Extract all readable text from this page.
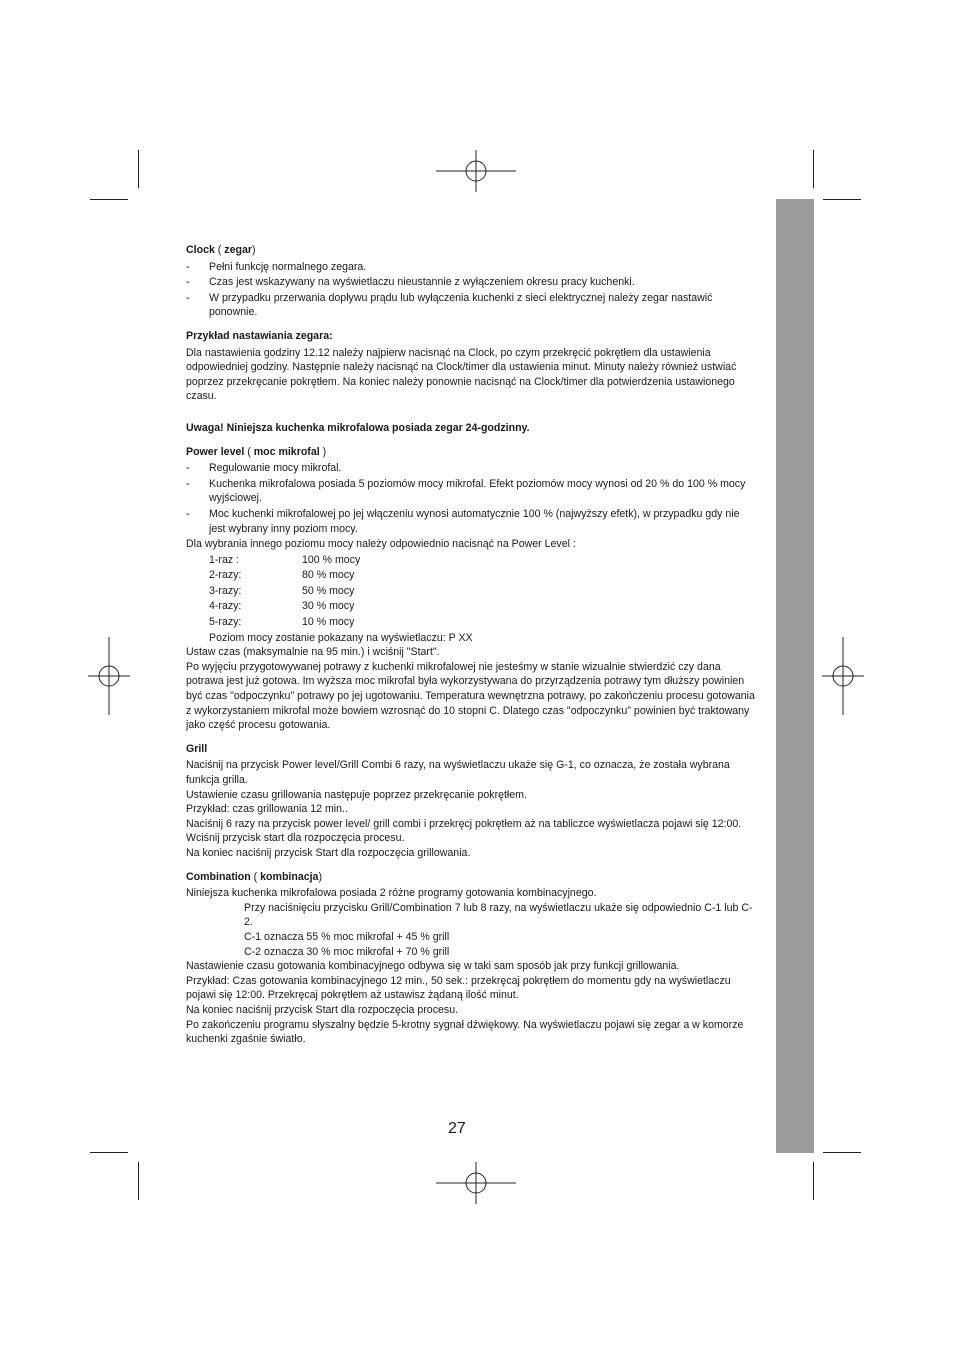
Clock ( zegar)
- Pełni funkcję normalnego zegara.
- Czas jest wskazywany na wyświetlaczu nieustannie z wyłączeniem okresu pracy kuchenki.
- W przypadku przerwania dopływu prądu lub wyłączenia kuchenki z sieci elektrycznej należy zegar nastawić ponownie.
Przykład nastawiania zegara:

Dla nastawienia godziny 12.12 należy najpierw nacisnąć na Clock, po czym przekręcić pokrętłem dla ustawienia odpowiedniej godziny. Następnie należy nacisnąć na Clock/timer dla ustawienia minut. Minuty należy również ustwiać poprzez przekręcanie pokrętłem. Na koniec należy ponownie nacisnąć na Clock/timer dla potwierdzenia ustawionego czasu.

Uwaga! Niniejsza kuchenka mikrofalowa posiada zegar 24-godzinny.
Power level ( moc mikrofal )
- Regulowanie mocy mikrofal.
- Kuchenka mikrofalowa posiada 5 poziomów mocy mikrofal. Efekt poziomów mocy wynosi od 20 % do 100 % mocy wyjściowej.
- Moc kuchenki mikrofalowej po jej włączeniu wynosi automatycznie 100 % (najwyższy efetk), w przypadku gdy nie jest wybrany inny poziom mocy.

Dla wybrania innego poziomu mocy należy odpowiednio nacisnąć na Power Level :

1-raz :	100 % mocy
2-razy:	80 % mocy
3-razy:	50 % mocy
4-razy:	30 % mocy
5-razy:	10 % mocy

Poziom mocy zostanie pokazany na wyświetlaczu: P XX

Ustaw czas (maksymalnie na 95 min.) i wciśnij "Start".

Po wyjęciu przygotowywanej potrawy z kuchenki mikrofalowej nie jesteśmy w stanie wizualnie stwierdzić czy dana potrawa jest już gotowa. Im wyższa moc mikrofal była wykorzystywana do przyrządzenia potrawy tym dłuższy powinien być czas "odpoczynku" potrawy po jej ugotowaniu. Temperatura wewnętrzna potrawy, po zakończeniu procesu gotowania z wykorzystaniem mikrofal może bowiem wzrosnąć do 10 stopni C. Dlatego czas "odpoczynku" powinien być traktowany jako część procesu gotowania.

Grill

Naciśnij na przycisk Power level/Grill Combi 6 razy, na wyświetlaczu ukaże się G-1, co oznacza, że została wybrana funkcja grilla.

Ustawienie czasu grillowania następuje poprzez przekręcanie pokrętłem.

Przykład: czas grillowania 12 min..

Naciśnij 6 razy na przycisk power level/ grill combi i przekręcj pokrętłem aż na tabliczce wyświetlacza pojawi się 12:00. Wciśnij przycisk start dla rozpoczęcia procesu.

Na koniec naciśnij przycisk Start dla rozpoczęcia grillowania.

Combination ( kombinacja)

Niniejsza kuchenka mikrofalowa posiada 2 różne programy gotowania kombinacyjnego.

Przy naciśnięciu przycisku Grill/Combination 7 lub 8 razy, na wyświetlaczu ukaże się odpowiednio C-1 lub C-2.

C-1 oznacza 55 % moc mikrofal + 45 % grill

C-2 oznacza 30 % moc mikrofal + 70 % grill

Nastawienie czasu gotowania kombinacyjnego odbywa się w taki sam sposób jak przy funkcji grillowania.

Przykład: Czas gotowania kombinacyjnego 12 min., 50 sek.: przekręcaj pokrętłem do momentu gdy na wyświetlaczu pojawi się 12:00. Przekręcaj pokrętłem aż ustawisz żądaną ilość minut.

Na koniec naciśnij przycisk Start dla rozpoczęcia procesu.

Po zakończeniu programu słyszalny będzie 5-krotny sygnał dźwiękowy. Na wyświetlaczu pojawi się zegar a w komorze kuchenki zgaśnie światło.

27
